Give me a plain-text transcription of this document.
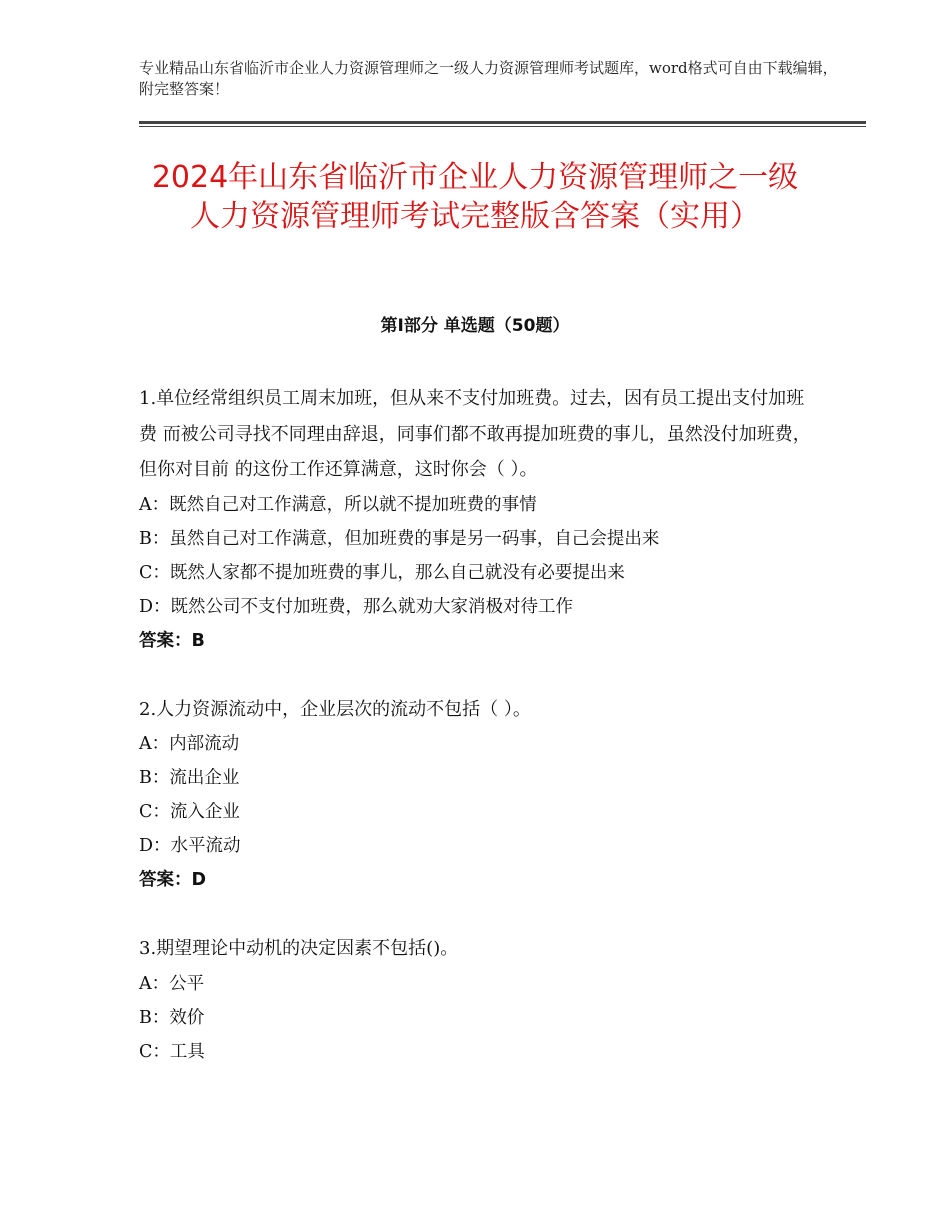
专业精品山东省临沂市企业人力资源管理师之一级人力资源管理师考试题库，word格式可自由下载编辑，附完整答案！
2024年山东省临沂市企业人力资源管理师之一级人力资源管理师考试完整版含答案（实用）
第Ⅰ部分 单选题（50题）

1.单位经常组织员工周末加班，但从来不支付加班费。过去，因有员工提出支付加班费 而被公司寻找不同理由辞退，同事们都不敢再提加班费的事儿，虽然没付加班费，但你对目前 的这份工作还算满意，这时你会（ ）。

A：既然自己对工作满意，所以就不提加班费的事情

B：虽然自己对工作满意，但加班费的事是另一码事，自己会提出来

C：既然人家都不提加班费的事儿，那么自己就没有必要提出来

D：既然公司不支付加班费，那么就劝大家消极对待工作

答案：B

2.人力资源流动中，企业层次的流动不包括（ ）。

A：内部流动

B：流出企业

C：流入企业

D：水平流动

答案：D

3.期望理论中动机的决定因素不包括()。

A：公平

B：效价

C：工具
